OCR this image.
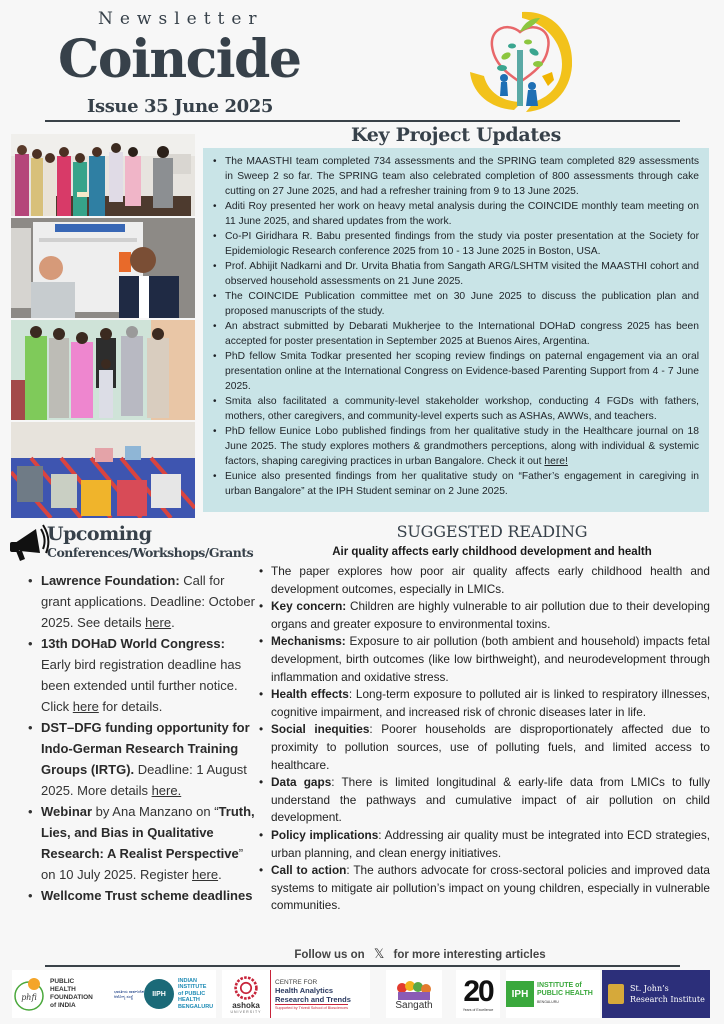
Newsletter
Coincide
Issue 35 June 2025
Key Project Updates
• The MAASTHI team completed 734 assessments and the SPRING team completed 829 assessments in Sweep 2 so far. The SPRING team also celebrated completion of 800 assessments through cake cutting on 27 June 2025, and had a refresher training from 9 to 13 June 2025.
• Aditi Roy presented her work on heavy metal analysis during the COINCIDE monthly team meeting on 11 June 2025, and shared updates from the work.
• Co-PI Giridhara R. Babu presented findings from the study via poster presentation at the Society for Epidemiologic Research conference 2025 from 10 - 13 June 2025 in Boston, USA.
• Prof. Abhijit Nadkarni and Dr. Urvita Bhatia from Sangath ARG/LSHTM visited the MAASTHI cohort and observed household assessments on 21 June 2025.
• The COINCIDE Publication committee met on 30 June 2025 to discuss the publication plan and proposed manuscripts of the study.
• An abstract submitted by Debarati Mukherjee to the International DOHaD congress 2025 has been accepted for poster presentation in September 2025 at Buenos Aires, Argentina.
• PhD fellow Smita Todkar presented her scoping review findings on paternal engagement via an oral presentation online at the International Congress on Evidence-based Parenting Support from 4 - 7 June 2025.
• Smita also facilitated a community-level stakeholder workshop, conducting 4 FGDs with fathers, mothers, other caregivers, and community-level experts such as ASHAs, AWWs, and teachers.
• PhD fellow Eunice Lobo published findings from her qualitative study in the Healthcare journal on 18 June 2025. The study explores mothers & grandmothers perceptions, along with individual & systemic factors, shaping caregiving practices in urban Bangalore. Check it out here!
• Eunice also presented findings from her qualitative study on “Father’s engagement in caregiving in urban Bangalore” at the IPH Student seminar on 2 June 2025.
Upcoming
Conferences/Workshops/Grants
• Lawrence Foundation: Call for grant applications. Deadline: October 2025. See details here.
• 13th DOHaD World Congress: Early bird registration deadline has been extended until further notice. Click here for details.
• DST–DFG funding opportunity for Indo-German Research Training Groups (IRTG). Deadline: 1 August 2025. More details here.
• Webinar by Ana Manzano on “Truth, Lies, and Bias in Qualitative Research: A Realist Perspective” on 10 July 2025. Register here.
• Wellcome Trust scheme deadlines
SUGGESTED READING
Air quality affects early childhood development and health
• The paper explores how poor air quality affects early childhood health and development outcomes, especially in LMICs.
• Key concern: Children are highly vulnerable to air pollution due to their developing organs and greater exposure to environmental toxins.
• Mechanisms: Exposure to air pollution (both ambient and household) impacts fetal development, birth outcomes (like low birthweight), and neurodevelopment through inflammation and oxidative stress.
• Health effects: Long-term exposure to polluted air is linked to respiratory illnesses, cognitive impairment, and increased risk of chronic diseases later in life.
• Social inequities: Poorer households are disproportionately affected due to proximity to pollution sources, use of polluting fuels, and limited access to healthcare.
• Data gaps: There is limited longitudinal & early-life data from LMICs to fully understand the pathways and cumulative impact of air pollution on child development.
• Policy implications: Addressing air quality must be integrated into ECD strategies, urban planning, and clean energy initiatives.
• Call to action: The authors advocate for cross-sectoral policies and improved data systems to mitigate air pollution’s impact on young children, especially in vulnerable communities.
Follow us on 𝕏 for more interesting articles
phfi
PUBLIC
HEALTH
FOUNDATION
of INDIA
ಭಾರತೀಯ ಸಾರ್ವಜನಿಕ ಆರೋಗ್ಯ ಸಂಸ್ಥೆ	IIPH
INDIAN
INSTITUTE
of PUBLIC
HEALTH
BENGALURU ashoka
UNIVERSITY
CENTRE FOR
Health Analytics
Research and Trends
Supported by Trivedi School of Biosciences	Sangath 20
Years of Excellence
IPH
INSTITUTE of
PUBLIC HEALTH
BENGALURU
St. John’s
Research Institute
